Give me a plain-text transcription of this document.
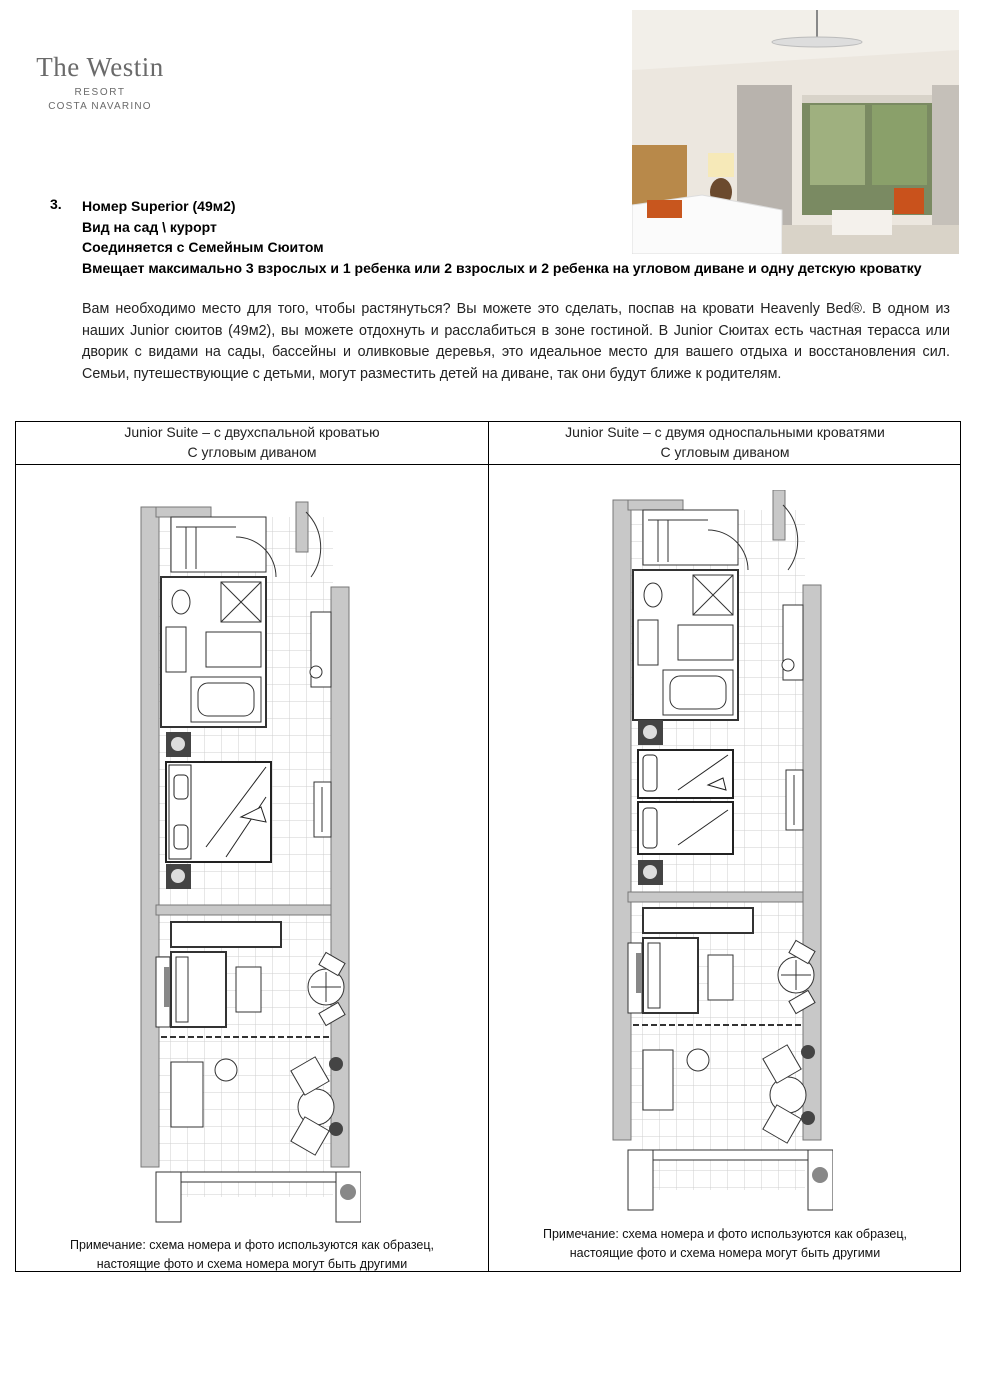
The Westin
RESORT
COSTA NAVARINO
3. Номер Superior (49м2)
Вид на сад \ курорт
Соединяется с Семейным Сюитом
Вмещает максимально 3 взрослых и 1 ребенка или 2 взрослых и 2 ребенка на угловом диване и одну детскую кроватку
Вам необходимо место для того, чтобы растянуться? Вы можете это сделать, поспав на кровати Heavenly Bed®. В одном из наших Junior сюитов (49м2), вы можете отдохнуть и расслабиться в зоне гостиной. В Junior Сюитах есть частная терасса или дворик с видами на сады, бассейны и оливковые деревья, это идеальное место для вашего отдыха и восстановления сил. Семьи, путешествующие с детьми, могут разместить детей на диване, так они будут ближе к родителям.
Junior Suite – с двухспальной кроватью
С угловым диваном
Junior Suite – с двумя односпальными кроватями
С угловым диваном
Примечание: схема номера и фото используются как образец,
настоящие фото и схема номера могут быть другими
Примечание: схема номера и фото используются как образец,
настоящие фото и схема номера могут быть другими
